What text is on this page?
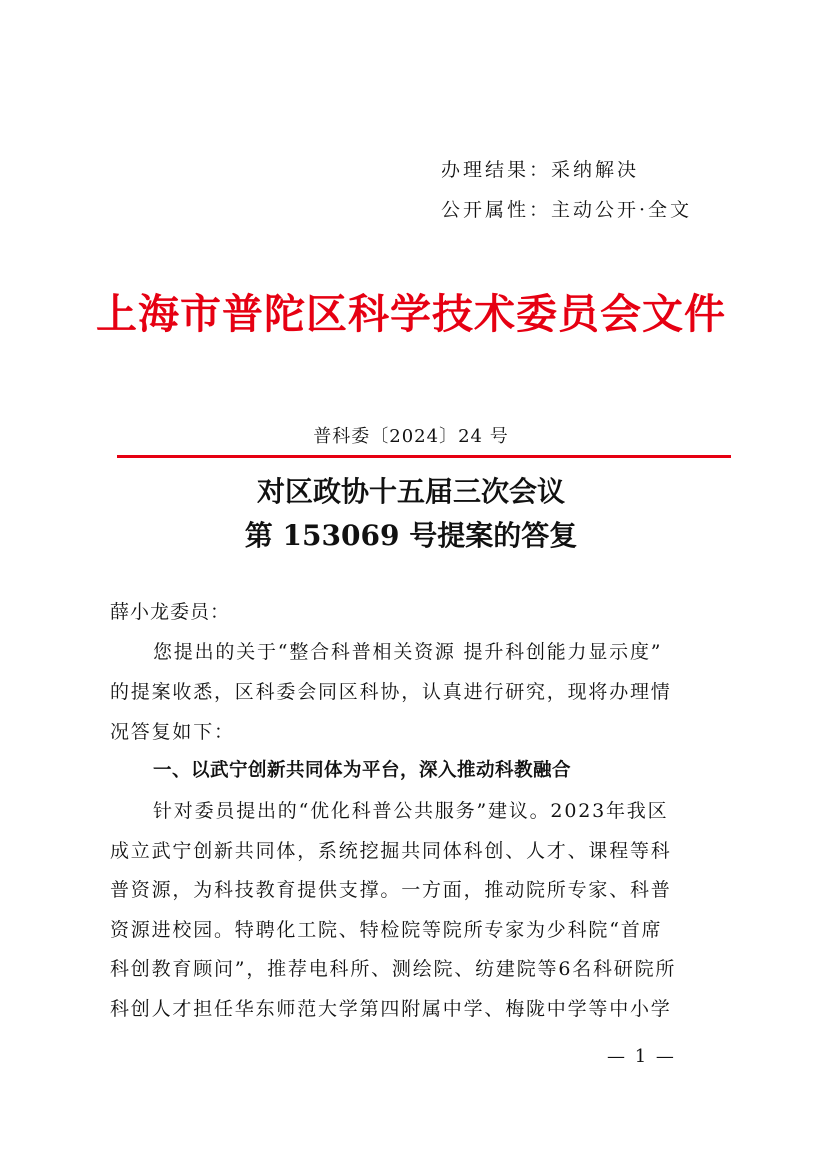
办理结果：采纳解决
公开属性：主动公开·全文
上海市普陀区科学技术委员会文件
普科委〔2024〕24 号
对区政协十五届三次会议
第 153069 号提案的答复
薛小龙委员：
您提出的关于“整合科普相关资源 提升科创能力显示度”
的提案收悉，区科委会同区科协，认真进行研究，现将办理情
况答复如下：
一、以武宁创新共同体为平台，深入推动科教融合
针对委员提出的“优化科普公共服务”建议。2023年我区
成立武宁创新共同体，系统挖掘共同体科创、人才、课程等科
普资源，为科技教育提供支撑。一方面，推动院所专家、科普
资源进校园。特聘化工院、特检院等院所专家为少科院“首席
科创教育顾问”，推荐电科所、测绘院、纺建院等6名科研院所
科创人才担任华东师范大学第四附属中学、梅陇中学等中小学
— 1 —
